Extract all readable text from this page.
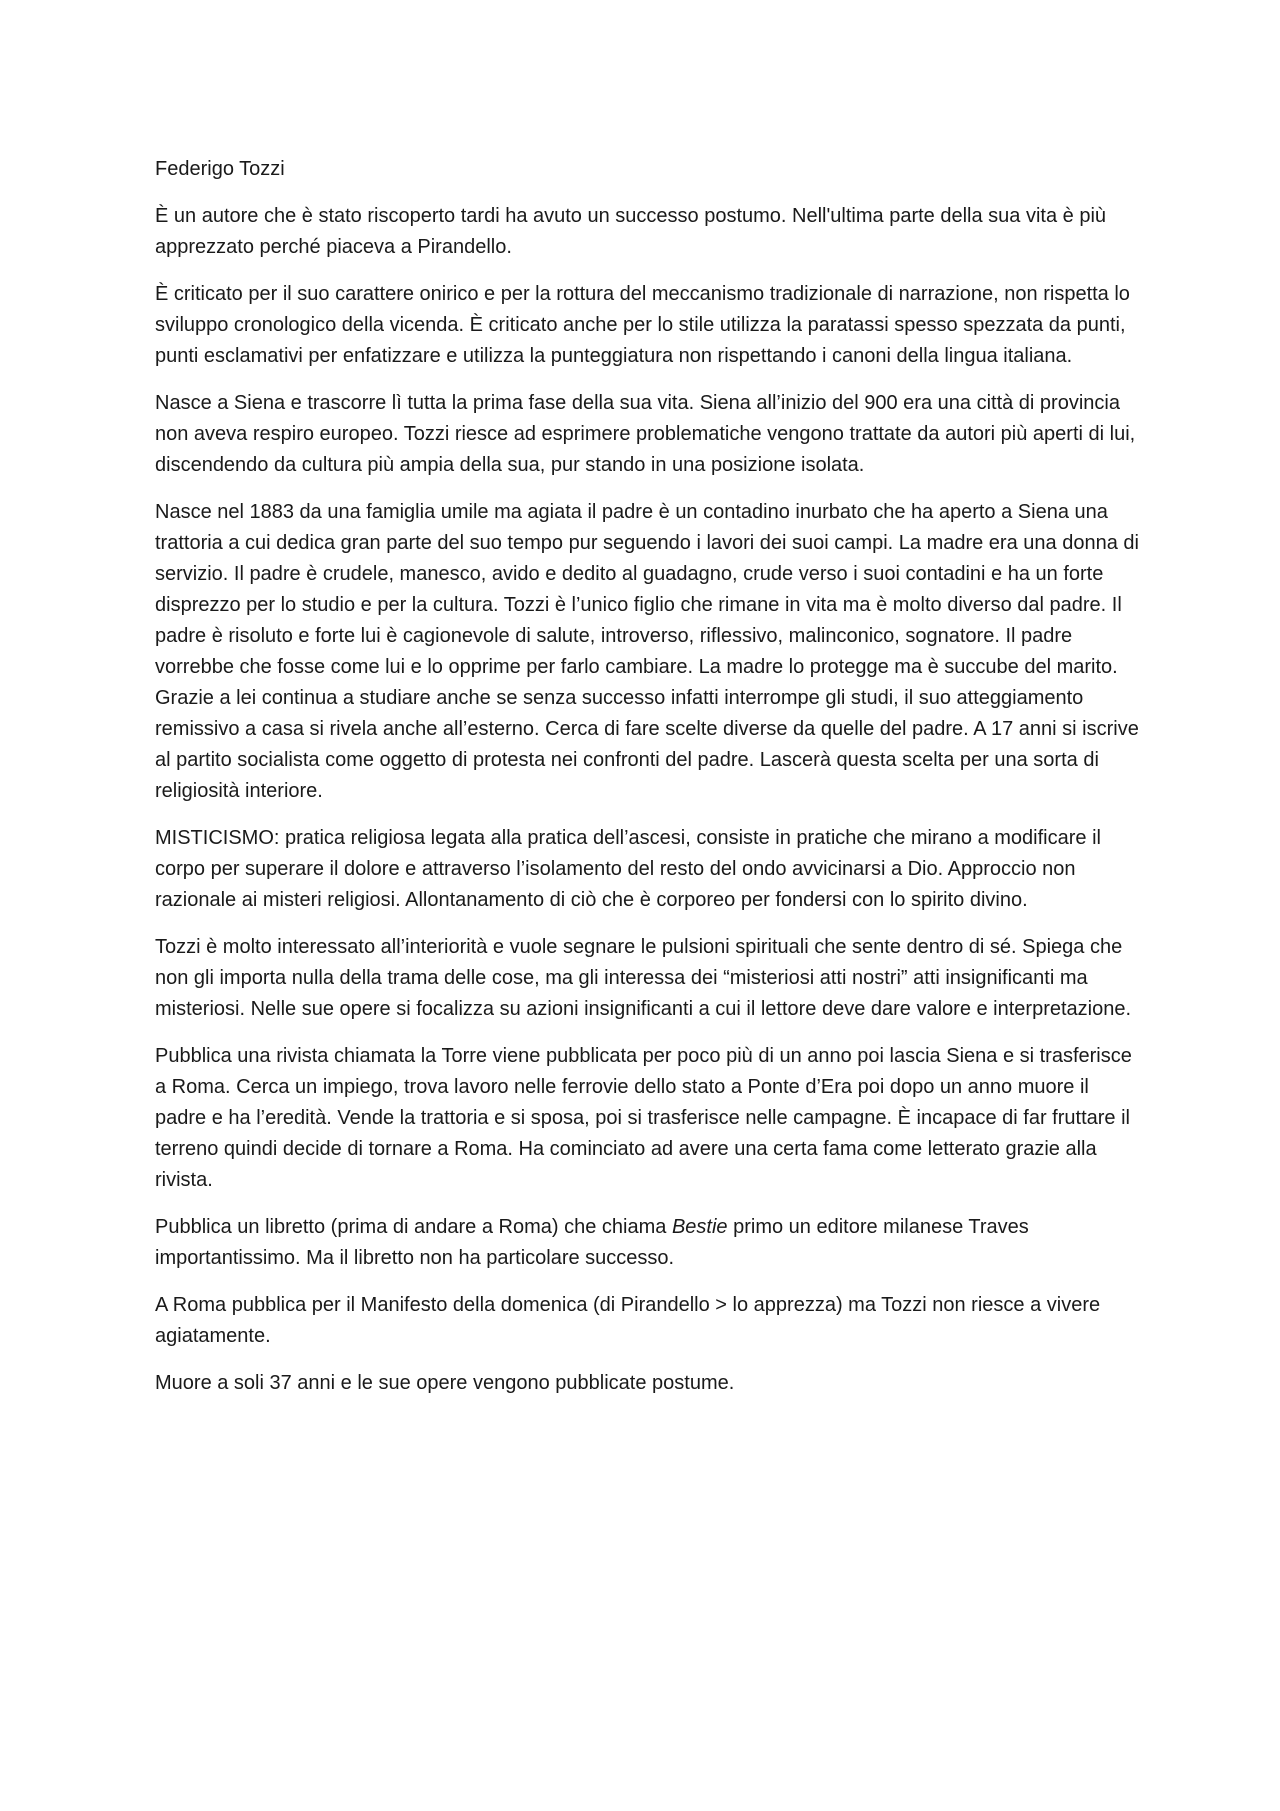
Federigo Tozzi

È un autore che è stato riscoperto tardi ha avuto un successo postumo. Nell'ultima parte della sua vita è più apprezzato perché piaceva a Pirandello.

È criticato per il suo carattere onirico e per la rottura del meccanismo tradizionale di narrazione, non rispetta lo sviluppo cronologico della vicenda. È criticato anche per lo stile utilizza la paratassi spesso spezzata da punti, punti esclamativi per enfatizzare e utilizza la punteggiatura non rispettando i canoni della lingua italiana.

Nasce a Siena e trascorre lì tutta la prima fase della sua vita. Siena all’inizio del 900 era una città di provincia non aveva respiro europeo. Tozzi riesce ad esprimere problematiche vengono trattate da autori più aperti di lui, discendendo da cultura più ampia della sua, pur stando in una posizione isolata.

Nasce nel 1883 da una famiglia umile ma agiata il padre è un contadino inurbato che ha aperto a Siena una trattoria a cui dedica gran parte del suo tempo pur seguendo i lavori dei suoi campi. La madre era una donna di servizio. Il padre è crudele, manesco, avido e dedito al guadagno, crude verso i suoi contadini e ha un forte disprezzo per lo studio e per la cultura. Tozzi è l’unico figlio che rimane in vita ma è molto diverso dal padre. Il padre è risoluto e forte lui è cagionevole di salute, introverso, riflessivo, malinconico, sognatore. Il padre vorrebbe che fosse come lui e lo opprime per farlo cambiare. La madre lo protegge ma è succube del marito. Grazie a lei continua a studiare anche se senza successo infatti interrompe gli studi, il suo atteggiamento remissivo a casa si rivela anche all’esterno. Cerca di fare scelte diverse da quelle del padre. A 17 anni si iscrive al partito socialista come oggetto di protesta nei confronti del padre. Lascerà questa scelta per una sorta di religiosità interiore.

MISTICISMO: pratica religiosa legata alla pratica dell’ascesi, consiste in pratiche che mirano a modificare il corpo per superare il dolore e attraverso l’isolamento del resto del ondo avvicinarsi a Dio. Approccio non razionale ai misteri religiosi. Allontanamento di ciò che è corporeo per fondersi con lo spirito divino.

Tozzi è molto interessato all’interiorità e vuole segnare le pulsioni spirituali che sente dentro di sé. Spiega che non gli importa nulla della trama delle cose, ma gli interessa dei “misteriosi atti nostri” atti insignificanti ma misteriosi. Nelle sue opere si focalizza su azioni insignificanti a cui il lettore deve dare valore e interpretazione.

Pubblica una rivista chiamata la Torre viene pubblicata per poco più di un anno poi lascia Siena e si trasferisce a Roma. Cerca un impiego, trova lavoro nelle ferrovie dello stato a Ponte d’Era poi dopo un anno muore il padre e ha l’eredità. Vende la trattoria e si sposa, poi si trasferisce nelle campagne. È incapace di far fruttare il terreno quindi decide di tornare a Roma. Ha cominciato ad avere una certa fama come letterato grazie alla rivista.

Pubblica un libretto (prima di andare a Roma) che chiama Bestie primo un editore milanese Traves importantissimo. Ma il libretto non ha particolare successo.

A Roma pubblica per il Manifesto della domenica (di Pirandello > lo apprezza) ma Tozzi non riesce a vivere agiatamente.

Muore a soli 37 anni e le sue opere vengono pubblicate postume.
